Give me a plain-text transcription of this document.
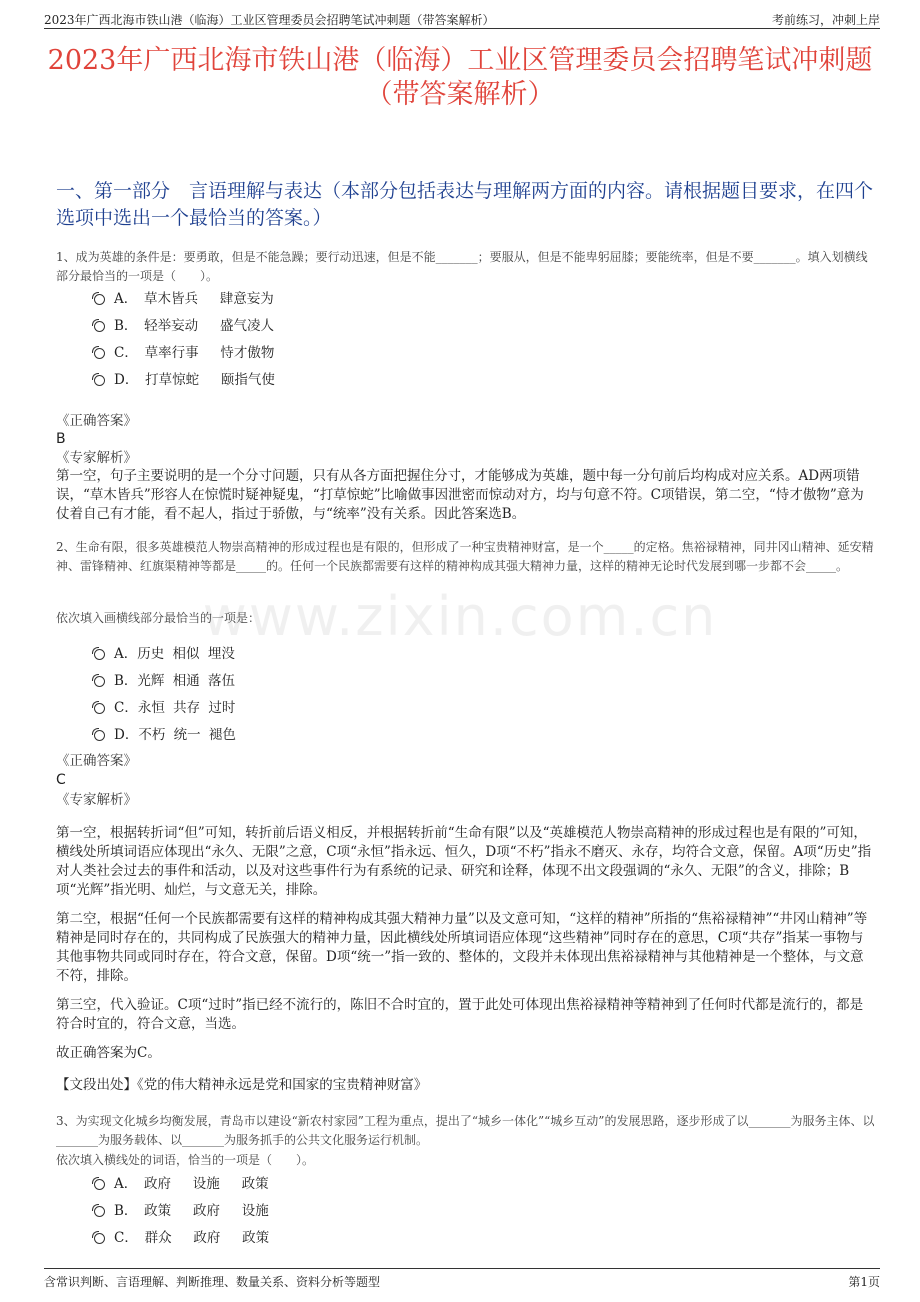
2023年广西北海市铁山港（临海）工业区管理委员会招聘笔试冲刺题（带答案解析）	考前练习，冲刺上岸
2023年广西北海市铁山港（临海）工业区管理委员会招聘笔试冲刺题（带答案解析）
一、第一部分　言语理解与表达（本部分包括表达与理解两方面的内容。请根据题目要求，在四个选项中选出一个最恰当的答案。）
www.zixin.com.cn
1、成为英雄的条件是：要勇敢，但是不能急躁；要行动迅速，但是不能_______；要服从，但是不能卑躬屈膝；要能统率，但是不要_______。填入划横线部分最恰当的一项是（　　）。
A．　草木皆兵　 肆意妄为
B．　轻举妄动　 盛气凌人
C．　草率行事　 恃才傲物
D．　打草惊蛇　 颐指气使
《正确答案》
B
《专家解析》
第一空，句子主要说明的是一个分寸问题，只有从各方面把握住分寸，才能够成为英雄，题中每一分句前后均构成对应关系。AD两项错误，“草木皆兵”形容人在惊慌时疑神疑鬼，“打草惊蛇”比喻做事因泄密而惊动对方，均与句意不符。C项错误，第二空，“恃才傲物”意为仗着自己有才能，看不起人，指过于骄傲，与“统率”没有关系。因此答案选B。
2、生命有限，很多英雄模范人物崇高精神的形成过程也是有限的，但形成了一种宝贵精神财富，是一个_____的定格。焦裕禄精神，同井冈山精神、延安精神、雷锋精神、红旗渠精神等都是_____的。任何一个民族都需要有这样的精神构成其强大精神力量，这样的精神无论时代发展到哪一步都不会_____。
依次填入画横线部分最恰当的一项是：
A．历史 相似 埋没
B．光辉 相通 落伍
C．永恒 共存 过时
D．不朽 统一 褪色
《正确答案》
C
《专家解析》
第一空，根据转折词“但”可知，转折前后语义相反，并根据转折前“生命有限”以及“英雄模范人物崇高精神的形成过程也是有限的”可知，横线处所填词语应体现出“永久、无限”之意，C项“永恒”指永远、恒久，D项“不朽”指永不磨灭、永存，均符合文意，保留。A项“历史”指对人类社会过去的事件和活动，以及对这些事件行为有系统的记录、研究和诠释，体现不出文段强调的“永久、无限”的含义，排除；B项“光辉”指光明、灿烂，与文意无关，排除。
第二空，根据“任何一个民族都需要有这样的精神构成其强大精神力量”以及文意可知，“这样的精神”所指的“焦裕禄精神”“井冈山精神”等精神是同时存在的，共同构成了民族强大的精神力量，因此横线处所填词语应体现“这些精神”同时存在的意思，C项“共存”指某一事物与其他事物共同或同时存在，符合文意，保留。D项“统一”指一致的、整体的，文段并未体现出焦裕禄精神与其他精神是一个整体，与文意不符，排除。
第三空，代入验证。C项“过时”指已经不流行的，陈旧不合时宜的，置于此处可体现出焦裕禄精神等精神到了任何时代都是流行的，都是符合时宜的，符合文意，当选。
故正确答案为C。
【文段出处】《党的伟大精神永远是党和国家的宝贵精神财富》
3、为实现文化城乡均衡发展，青岛市以建设“新农村家园”工程为重点，提出了“城乡一体化”“城乡互动”的发展思路，逐步形成了以_______为服务主体、以_______为服务载体、以_______为服务抓手的公共文化服务运行机制。
依次填入横线处的词语，恰当的一项是（　　）。
A．　政府　 设施　 政策
B．　政策　 政府　 设施
C．　群众　 政府　 政策
含常识判断、言语理解、判断推理、数量关系、资料分析等题型	第1页
